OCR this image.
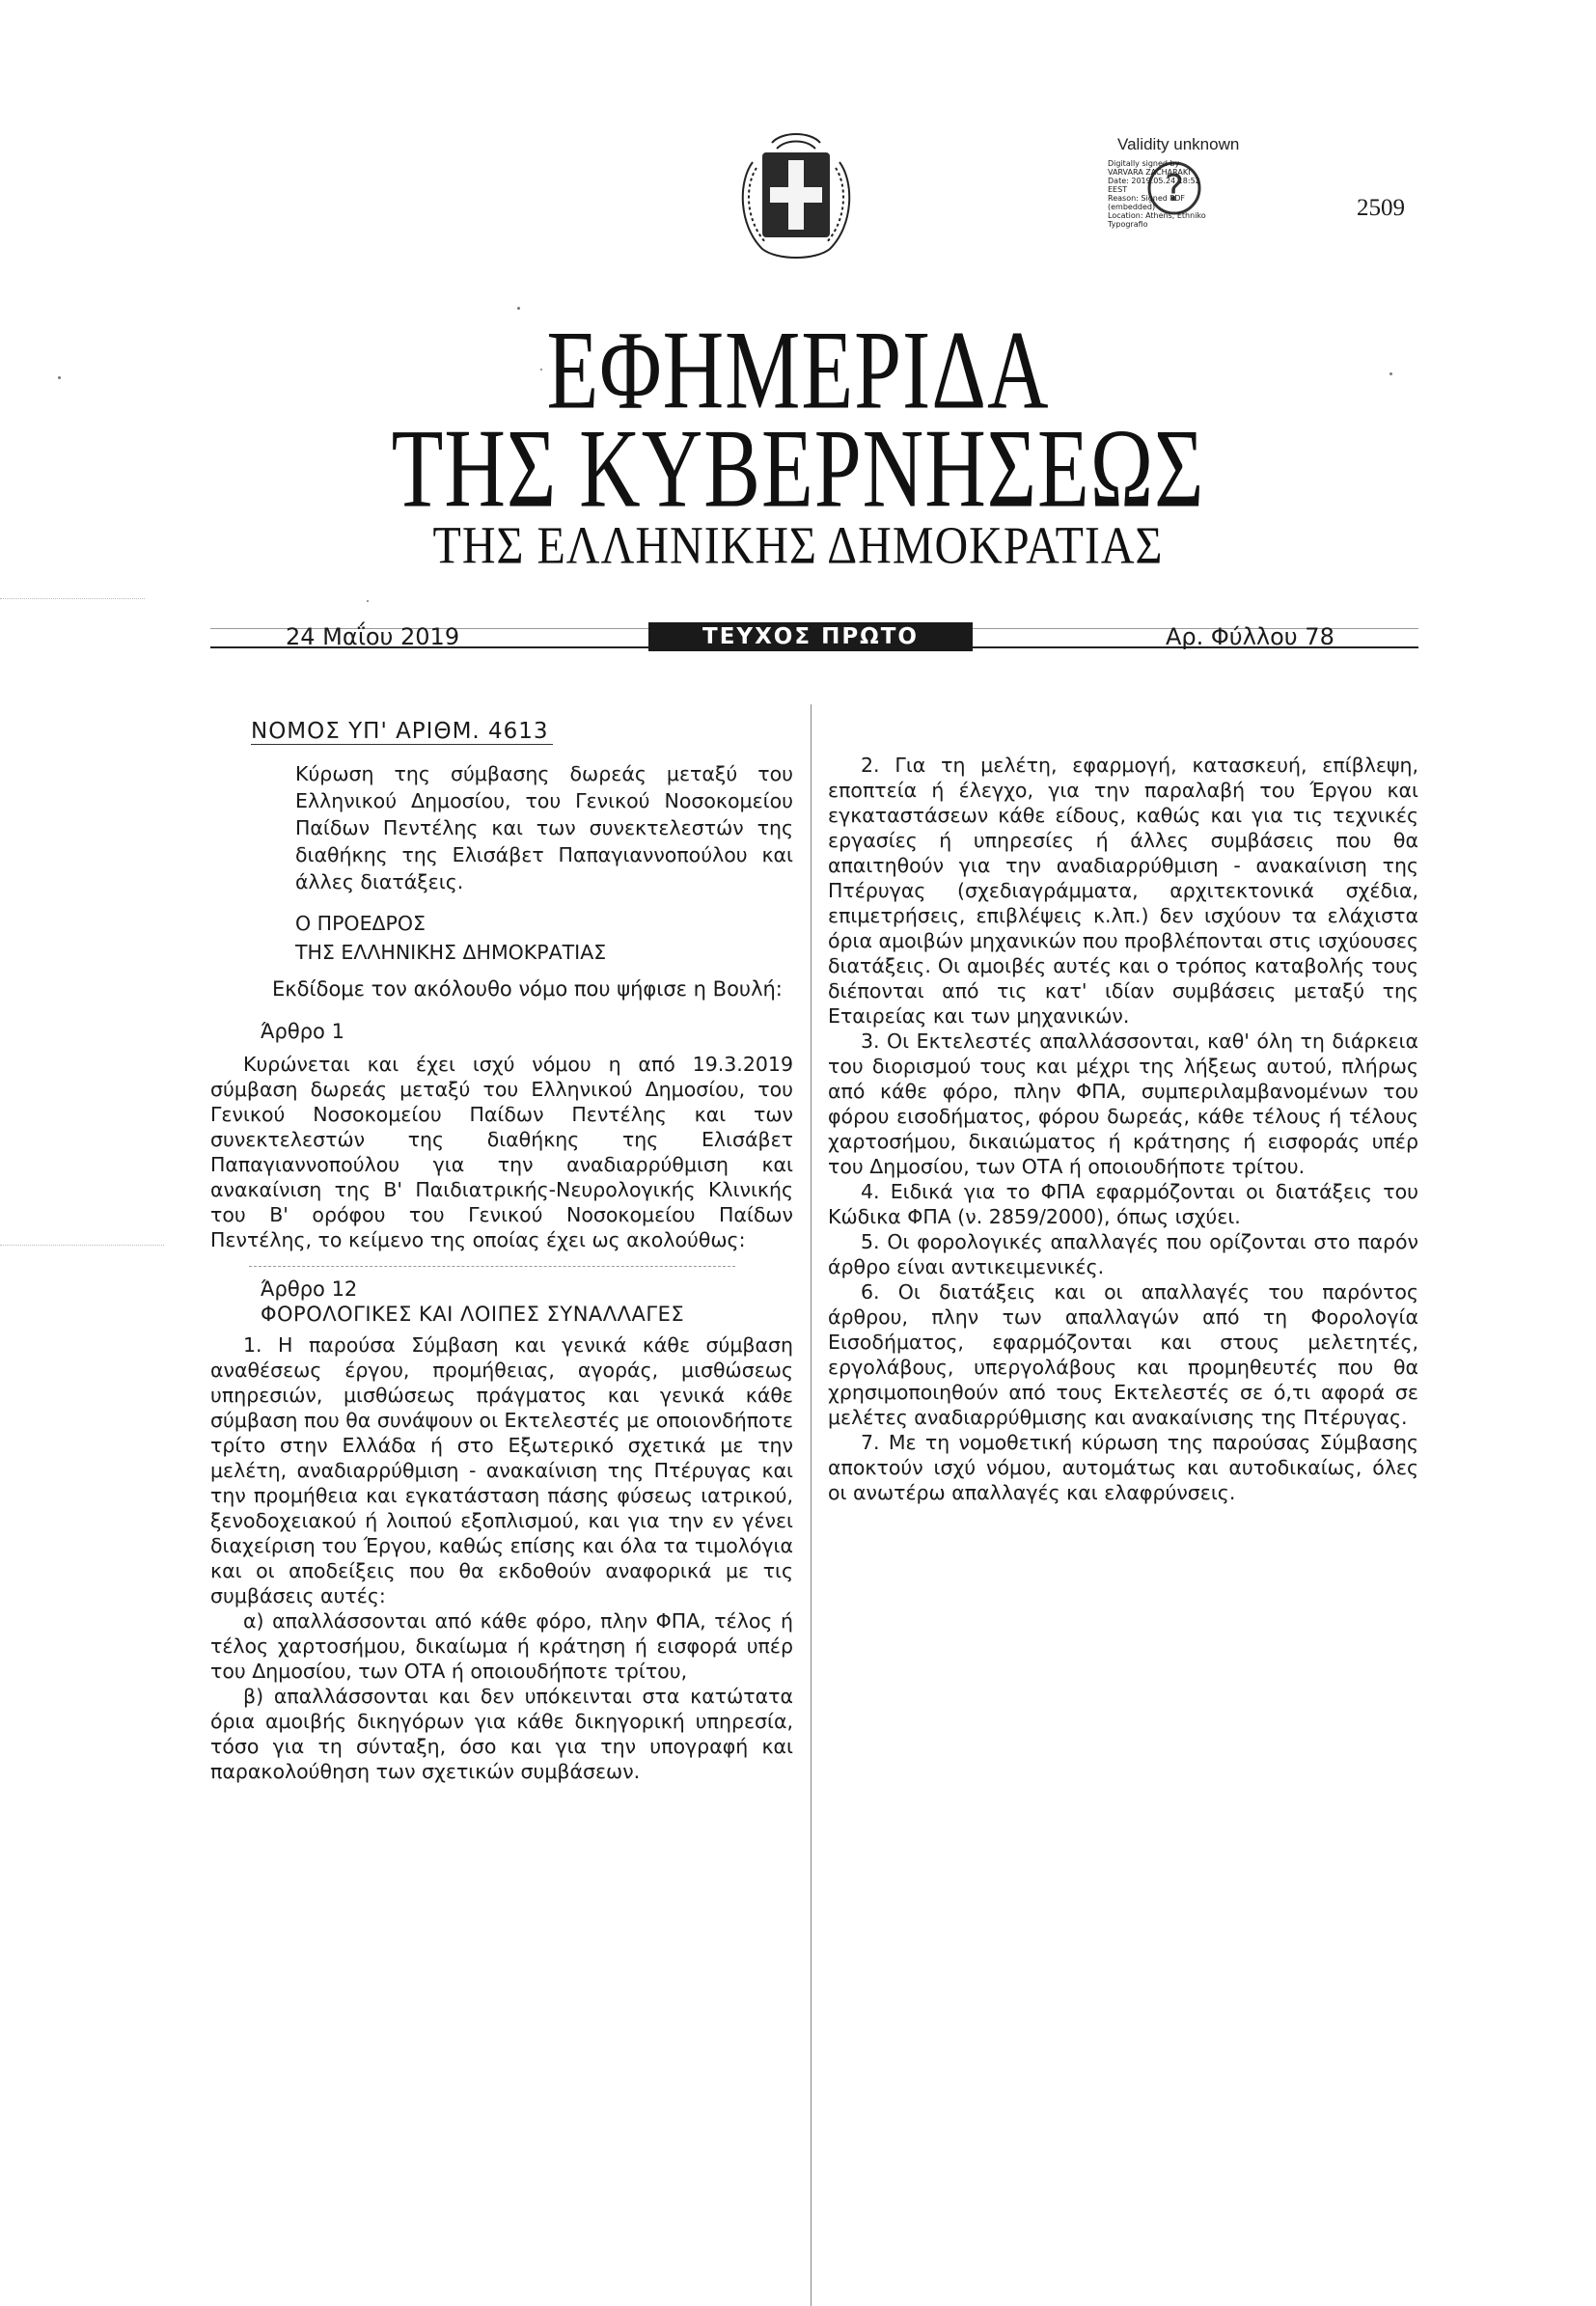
Validity unknown
?
Digitally signed by
VARVARA ZACHARAKI
Date: 2019.05.24 18:52
EEST
Reason: Signed PDF
(embedded)
Location: Athens, Ethniko
Typografio
2509
ΕΦΗΜΕΡΙΔΑ
ΤΗΣ ΚΥΒΕΡΝΗΣΕΩΣ
ΤΗΣ ΕΛΛΗΝΙΚΗΣ ΔΗΜΟΚΡΑΤΙΑΣ
24 Μαΐου 2019	ΤΕΥΧΟΣ ΠΡΩΤΟ	Αρ. Φύλλου 78
ΝΟΜΟΣ ΥΠ' ΑΡΙΘΜ. 4613
Κύρωση της σύμβασης δωρεάς μεταξύ του Ελληνικού Δημοσίου, του Γενικού Νοσοκομείου Παίδων Πεντέλης και των συνεκτελεστών της διαθήκης της Ελισάβετ Παπαγιαννοπούλου και άλλες διατάξεις.
Ο ΠΡΟΕΔΡΟΣ
ΤΗΣ ΕΛΛΗΝΙΚΗΣ ΔΗΜΟΚΡΑΤΙΑΣ
Εκδίδομε τον ακόλουθο νόμο που ψήφισε η Βουλή:
Άρθρο 1

Κυρώνεται και έχει ισχύ νόμου η από 19.3.2019 σύμβαση δωρεάς μεταξύ του Ελληνικού Δημοσίου, του Γενικού Νοσοκομείου Παίδων Πεντέλης και των συνεκτελεστών της διαθήκης της Ελισάβετ Παπαγιαννοπούλου για την αναδιαρρύθμιση και ανακαίνιση της Β' Παιδιατρικής-Νευρολογικής Κλινικής του Β' ορόφου του Γενικού Νοσοκομείου Παίδων Πεντέλης, το κείμενο της οποίας έχει ως ακολούθως:

Άρθρο 12
ΦΟΡΟΛΟΓΙΚΕΣ ΚΑΙ ΛΟΙΠΕΣ ΣΥΝΑΛΛΑΓΕΣ

1. Η παρούσα Σύμβαση και γενικά κάθε σύμβαση αναθέσεως έργου, προμήθειας, αγοράς, μισθώσεως υπηρεσιών, μισθώσεως πράγματος και γενικά κάθε σύμβαση που θα συνάψουν οι Εκτελεστές με οποιονδήποτε τρίτο στην Ελλάδα ή στο Εξωτερικό σχετικά με την μελέτη, αναδιαρρύθμιση - ανακαίνιση της Πτέρυγας και την προμήθεια και εγκατάσταση πάσης φύσεως ιατρικού, ξενοδοχειακού ή λοιπού εξοπλισμού, και για την εν γένει διαχείριση του Έργου, καθώς επίσης και όλα τα τιμολόγια και οι αποδείξεις που θα εκδοθούν αναφορικά με τις συμβάσεις αυτές:

α) απαλλάσσονται από κάθε φόρο, πλην ΦΠΑ, τέλος ή τέλος χαρτοσήμου, δικαίωμα ή κράτηση ή εισφορά υπέρ του Δημοσίου, των ΟΤΑ ή οποιουδήποτε τρίτου,

β) απαλλάσσονται και δεν υπόκεινται στα κατώτατα όρια αμοιβής δικηγόρων για κάθε δικηγορική υπηρεσία, τόσο για τη σύνταξη, όσο και για την υπογραφή και παρακολούθηση των σχετικών συμβάσεων.

2. Για τη μελέτη, εφαρμογή, κατασκευή, επίβλεψη, εποπτεία ή έλεγχο, για την παραλαβή του Έργου και εγκαταστάσεων κάθε είδους, καθώς και για τις τεχνικές εργασίες ή υπηρεσίες ή άλλες συμβάσεις που θα απαιτηθούν για την αναδιαρρύθμιση - ανακαίνιση της Πτέρυγας (σχεδιαγράμματα, αρχιτεκτονικά σχέδια, επιμετρήσεις, επιβλέψεις κ.λπ.) δεν ισχύουν τα ελάχιστα όρια αμοιβών μηχανικών που προβλέπονται στις ισχύουσες διατάξεις. Οι αμοιβές αυτές και ο τρόπος καταβολής τους διέπονται από τις κατ' ιδίαν συμβάσεις μεταξύ της Εταιρείας και των μηχανικών.

3. Οι Εκτελεστές απαλλάσσονται, καθ' όλη τη διάρκεια του διορισμού τους και μέχρι της λήξεως αυτού, πλήρως από κάθε φόρο, πλην ΦΠΑ, συμπεριλαμβανομένων του φόρου εισοδήματος, φόρου δωρεάς, κάθε τέλους ή τέλους χαρτοσήμου, δικαιώματος ή κράτησης ή εισφοράς υπέρ του Δημοσίου, των ΟΤΑ ή οποιουδήποτε τρίτου.

4. Ειδικά για το ΦΠΑ εφαρμόζονται οι διατάξεις του Κώδικα ΦΠΑ (ν. 2859/2000), όπως ισχύει.

5. Οι φορολογικές απαλλαγές που ορίζονται στο παρόν άρθρο είναι αντικειμενικές.

6. Οι διατάξεις και οι απαλλαγές του παρόντος άρθρου, πλην των απαλλαγών από τη Φορολογία Εισοδήματος, εφαρμόζονται και στους μελετητές, εργολάβους, υπεργολάβους και προμηθευτές που θα χρησιμοποιηθούν από τους Εκτελεστές σε ό,τι αφορά σε μελέτες αναδιαρρύθμισης και ανακαίνισης της Πτέρυγας.

7. Με τη νομοθετική κύρωση της παρούσας Σύμβασης αποκτούν ισχύ νόμου, αυτομάτως και αυτοδικαίως, όλες οι ανωτέρω απαλλαγές και ελαφρύνσεις.
